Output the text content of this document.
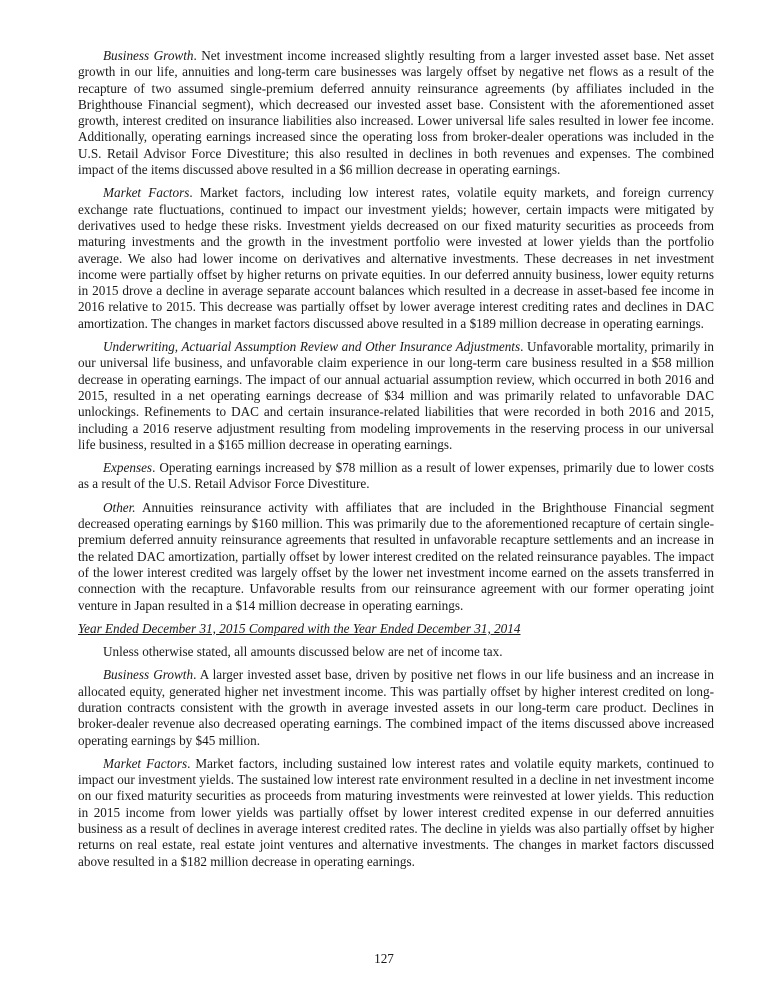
Business Growth. Net investment income increased slightly resulting from a larger invested asset base. Net asset growth in our life, annuities and long-term care businesses was largely offset by negative net flows as a result of the recapture of two assumed single-premium deferred annuity reinsurance agreements (by affiliates included in the Brighthouse Financial segment), which decreased our invested asset base. Consistent with the aforementioned asset growth, interest credited on insurance liabilities also increased. Lower universal life sales resulted in lower fee income. Additionally, operating earnings increased since the operating loss from broker-dealer operations was included in the U.S. Retail Advisor Force Divestiture; this also resulted in declines in both revenues and expenses. The combined impact of the items discussed above resulted in a $6 million decrease in operating earnings.

Market Factors. Market factors, including low interest rates, volatile equity markets, and foreign currency exchange rate fluctuations, continued to impact our investment yields; however, certain impacts were mitigated by derivatives used to hedge these risks. Investment yields decreased on our fixed maturity securities as proceeds from maturing investments and the growth in the investment portfolio were invested at lower yields than the portfolio average. We also had lower income on derivatives and alternative investments. These decreases in net investment income were partially offset by higher returns on private equities. In our deferred annuity business, lower equity returns in 2015 drove a decline in average separate account balances which resulted in a decrease in asset-based fee income in 2016 relative to 2015. This decrease was partially offset by lower average interest crediting rates and declines in DAC amortization. The changes in market factors discussed above resulted in a $189 million decrease in operating earnings.

Underwriting, Actuarial Assumption Review and Other Insurance Adjustments. Unfavorable mortality, primarily in our universal life business, and unfavorable claim experience in our long-term care business resulted in a $58 million decrease in operating earnings. The impact of our annual actuarial assumption review, which occurred in both 2016 and 2015, resulted in a net operating earnings decrease of $34 million and was primarily related to unfavorable DAC unlockings. Refinements to DAC and certain insurance-related liabilities that were recorded in both 2016 and 2015, including a 2016 reserve adjustment resulting from modeling improvements in the reserving process in our universal life business, resulted in a $165 million decrease in operating earnings.

Expenses. Operating earnings increased by $78 million as a result of lower expenses, primarily due to lower costs as a result of the U.S. Retail Advisor Force Divestiture.

Other. Annuities reinsurance activity with affiliates that are included in the Brighthouse Financial segment decreased operating earnings by $160 million. This was primarily due to the aforementioned recapture of certain single-premium deferred annuity reinsurance agreements that resulted in unfavorable recapture settlements and an increase in the related DAC amortization, partially offset by lower interest credited on the related reinsurance payables. The impact of the lower interest credited was largely offset by the lower net investment income earned on the assets transferred in connection with the recapture. Unfavorable results from our reinsurance agreement with our former operating joint venture in Japan resulted in a $14 million decrease in operating earnings.

Year Ended December 31, 2015 Compared with the Year Ended December 31, 2014

Unless otherwise stated, all amounts discussed below are net of income tax.

Business Growth. A larger invested asset base, driven by positive net flows in our life business and an increase in allocated equity, generated higher net investment income. This was partially offset by higher interest credited on long-duration contracts consistent with the growth in average invested assets in our long-term care product. Declines in broker-dealer revenue also decreased operating earnings. The combined impact of the items discussed above increased operating earnings by $45 million.

Market Factors. Market factors, including sustained low interest rates and volatile equity markets, continued to impact our investment yields. The sustained low interest rate environment resulted in a decline in net investment income on our fixed maturity securities as proceeds from maturing investments were reinvested at lower yields. This reduction in 2015 income from lower yields was partially offset by lower interest credited expense in our deferred annuities business as a result of declines in average interest credited rates. The decline in yields was also partially offset by higher returns on real estate, real estate joint ventures and alternative investments. The changes in market factors discussed above resulted in a $182 million decrease in operating earnings.

127
